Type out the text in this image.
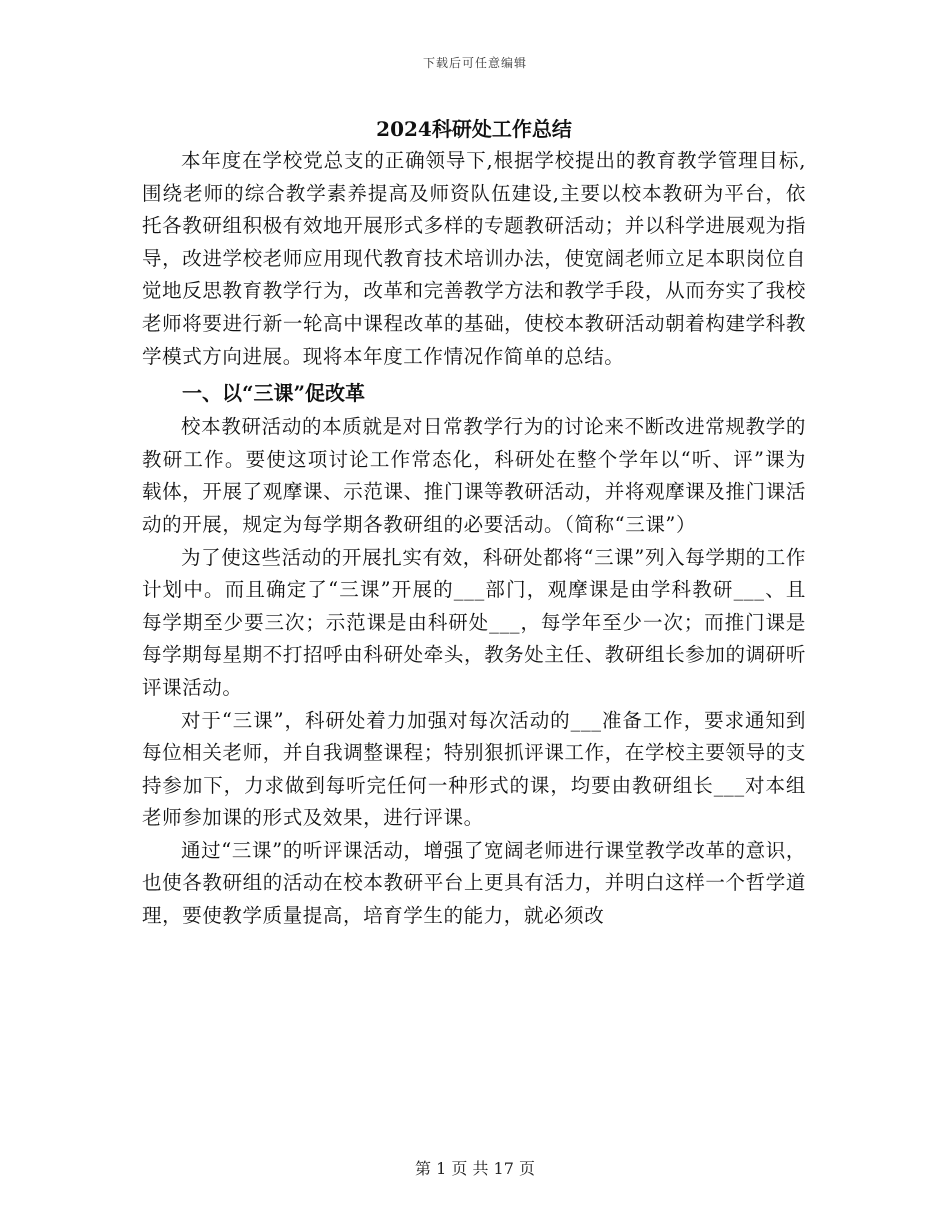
下载后可任意编辑
2024科研处工作总结

本年度在学校党总支的正确领导下,根据学校提出的教育教学管理目标,围绕老师的综合教学素养提高及师资队伍建设,主要以校本教研为平台，依托各教研组积极有效地开展形式多样的专题教研活动；并以科学进展观为指导，改进学校老师应用现代教育技术培训办法，使宽阔老师立足本职岗位自觉地反思教育教学行为，改革和完善教学方法和教学手段，从而夯实了我校老师将要进行新一轮高中课程改革的基础，使校本教研活动朝着构建学科教学模式方向进展。现将本年度工作情况作简单的总结。

一、以“三课”促改革

校本教研活动的本质就是对日常教学行为的讨论来不断改进常规教学的教研工作。要使这项讨论工作常态化，科研处在整个学年以“听、评”课为载体，开展了观摩课、示范课、推门课等教研活动，并将观摩课及推门课活动的开展，规定为每学期各教研组的必要活动。（简称“三课”）

为了使这些活动的开展扎实有效，科研处都将“三课”列入每学期的工作计划中。而且确定了“三课”开展的___部门，观摩课是由学科教研___、且每学期至少要三次；示范课是由科研处___，每学年至少一次；而推门课是每学期每星期不打招呼由科研处牵头，教务处主任、教研组长参加的调研听评课活动。

对于“三课”，科研处着力加强对每次活动的___准备工作，要求通知到每位相关老师，并自我调整课程；特别狠抓评课工作，在学校主要领导的支持参加下，力求做到每听完任何一种形式的课，均要由教研组长___对本组老师参加课的形式及效果，进行评课。

通过“三课”的听评课活动，增强了宽阔老师进行课堂教学改革的意识，也使各教研组的活动在校本教研平台上更具有活力，并明白这样一个哲学道理，要使教学质量提高，培育学生的能力，就必须改

第 1 页 共 17 页
